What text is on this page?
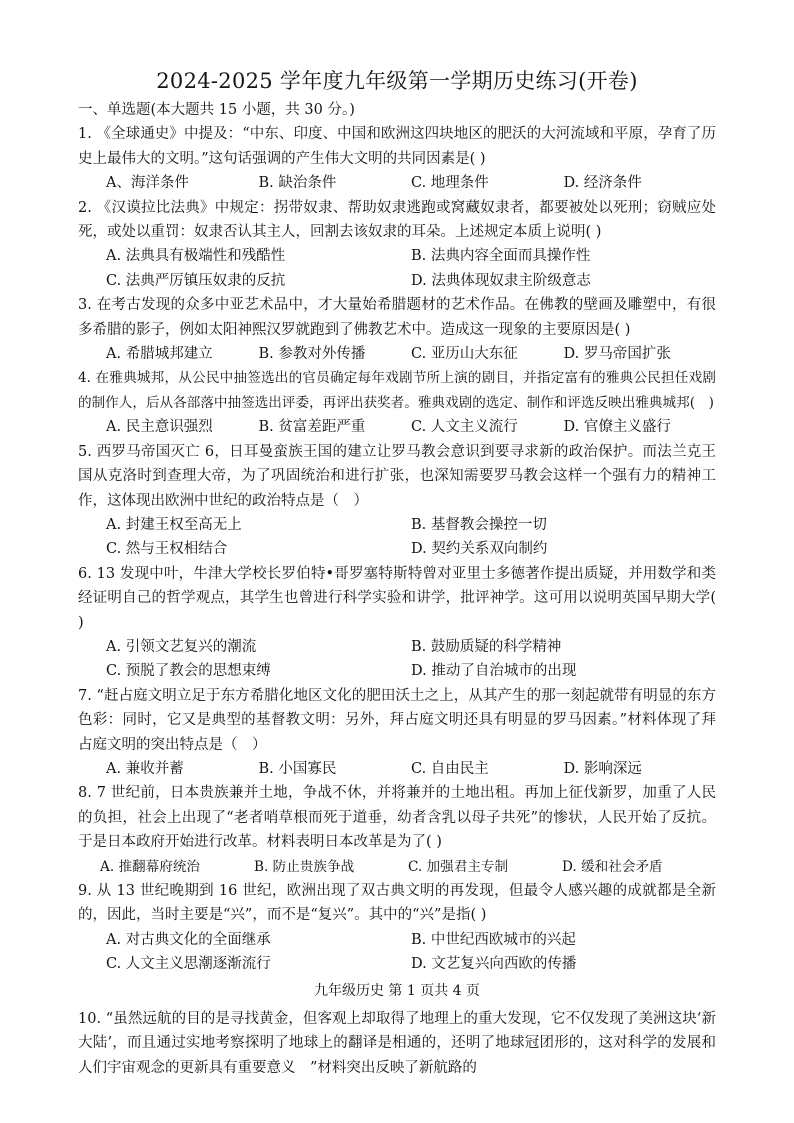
2024-2025 学年度九年级第一学期历史练习(开卷)
一、单选题(本大题共 15 小题，共 30 分。)

1. 《全球通史》中提及：“中东、印度、中国和欧洲这四块地区的肥沃的大河流域和平原，孕育了历史上最伟大的文明。”这句话强调的产生伟大文明的共同因素是( )

A、海洋条件	B. 缺治条件	C. 地理条件	D. 经济条件

2. 《汉谟拉比法典》中规定：拐带奴隶、帮助奴隶逃跑或窝藏奴隶者，都要被处以死刑；窃贼应处死，或处以重罚：奴隶否认其主人，回割去该奴隶的耳朵。上述规定本质上说明( )

A. 法典具有极端性和残酷性	B. 法典内容全面而具操作性
C. 法典严厉镇压奴隶的反抗	D. 法典体现奴隶主阶级意志

3. 在考古发现的众多中亚艺术品中，才大量始希腊题材的艺术作品。在佛教的壁画及雕塑中，有很多希腊的影子，例如太阳神熙汉罗就跑到了佛教艺术中。造成这一现象的主要原因是( )

A. 希腊城邦建立	B. 参教对外传播	C. 亚历山大东征	D. 罗马帝国扩张

4. 在雅典城邦，从公民中抽签选出的官员确定每年戏剧节所上演的剧目，并指定富有的雅典公民担任戏剧的制作人，后从各部落中抽签选出评委，再评出获奖者。雅典戏剧的选定、制作和评选反映出雅典城邦(　)

A. 民主意识强烈	B. 贫富差距严重	C. 人文主义流行	D. 官僚主义盛行

5. 西罗马帝国灭亡 6，日耳曼蛮族王国的建立让罗马教会意识到要寻求新的政治保护。而法兰克王国从克洛时到查理大帝，为了巩固统治和进行扩张，也深知需要罗马教会这样一个强有力的精神工作，这体现出欧洲中世纪的政治特点是（　）

A. 封建王权至高无上	B. 基督教会操控一切
C. 然与王权相结合	D. 契约关系双向制约

6. 13 发现中叶，牛津大学校长罗伯特•哥罗塞特斯特曾对亚里士多德著作提出质疑，并用数学和类经证明自己的哲学观点，其学生也曾进行科学实验和讲学，批评神学。这可用以说明英国早期大学( )

A. 引领文艺复兴的潮流	B. 鼓励质疑的科学精神
C. 预脱了教会的思想束缚	D. 推动了自治城市的出现

7. “赶占庭文明立足于东方希腊化地区文化的肥田沃土之上，从其产生的那一刻起就带有明显的东方色彩：同时，它又是典型的基督教文明：另外，拜占庭文明还具有明显的罗马因素。”材料体现了拜占庭文明的突出特点是（　）

A. 兼收并蓄	B. 小国寡民	C. 自由民主	D. 影响深远

8. 7 世纪前，日本贵族兼并土地，争战不休，并将兼并的土地出租。再加上征伐新罗，加重了人民的负担，社会上出现了“老者哨草根而死于道垂，幼者含乳以母子共死”的惨状，人民开始了反抗。于是日本政府开始进行改革。材料表明日本改革是为了( )

A. 推翻幕府统治	B. 防止贵族争战	C. 加强君主专制	D. 缓和社会矛盾

9. 从 13 世纪晚期到 16 世纪，欧洲出现了双古典文明的再发现，但最令人感兴趣的成就都是全新的，因此，当时主要是“兴”，而不是“复兴”。其中的“兴”是指( )

A. 对古典文化的全面继承	B. 中世纪西欧城市的兴起
C. 人文主义思潮逐渐流行	D. 文艺复兴向西欧的传播
九年级历史 第 1 页共 4 页

10. “虽然远航的目的是寻找黄金，但客观上却取得了地理上的重大发现，它不仅发现了美洲这块‘新大陆’，而且通过实地考察探明了地球上的翻译是相通的，还明了地球冠团形的，这对科学的发展和人们宇宙观念的更新具有重要意义　”材料突出反映了新航路的
